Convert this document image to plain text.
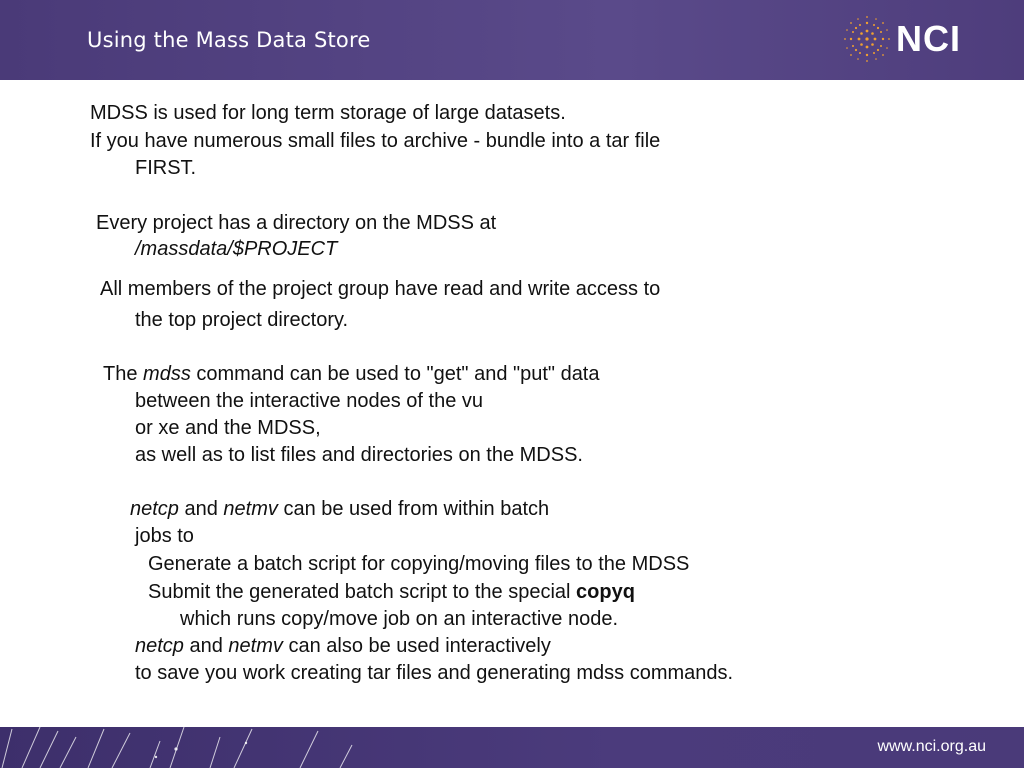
Using the Mass Data Store	NCI
MDSS is used for long term storage of large datasets.
If you have numerous small files to archive - bundle into a tar file
FIRST.
Every project has a directory on the MDSS at
/massdata/$PROJECT
All members of the project group have read and write access to
the top project directory.
The mdss command can be used to "get" and "put" data
between the interactive nodes of the vu
or xe and the MDSS,
as well as to list files and directories on the MDSS.
netcp and netmv can be used from within batch
jobs to
Generate a batch script for copying/moving files to the MDSS
Submit the generated batch script to the special copyq
which runs copy/move job on an interactive node.
netcp and netmv can also be used interactively
to save you work creating tar files and generating mdss commands.
www.nci.org.au
